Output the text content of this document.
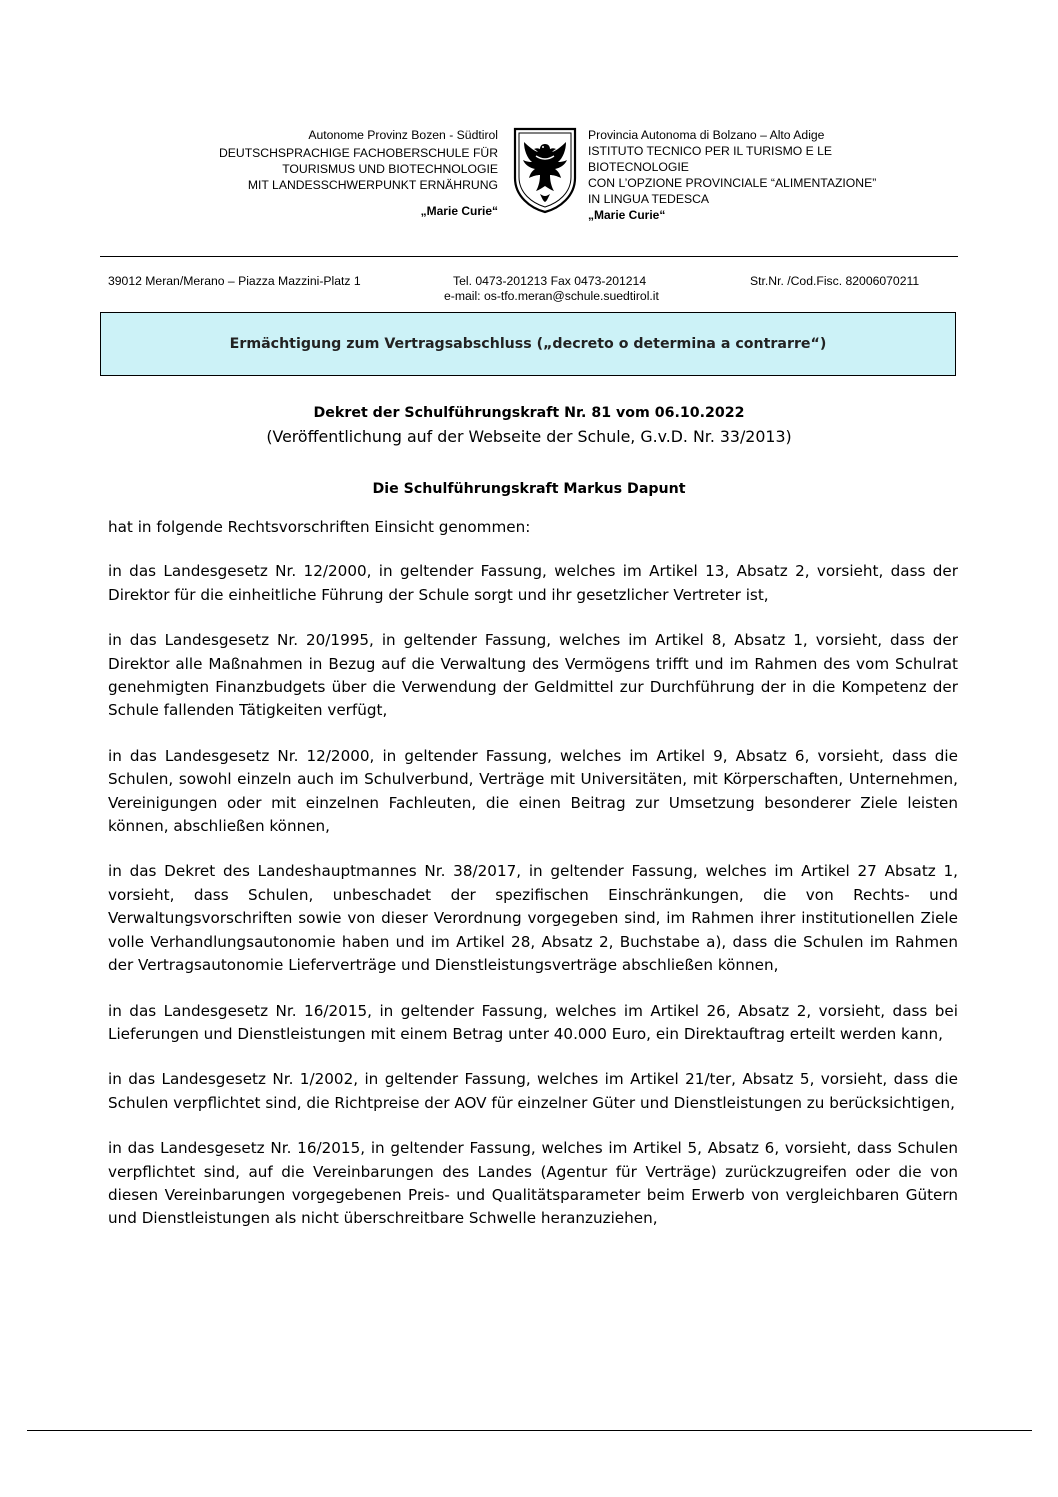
Autonome Provinz Bozen - Südtirol
DEUTSCHSPRACHIGE FACHOBERSCHULE FÜR
TOURISMUS UND BIOTECHNOLOGIE
MIT LANDESSCHWERPUNKT ERNÄHRUNG
„Marie Curie“
Provincia Autonoma di Bolzano – Alto Adige
ISTITUTO TECNICO PER IL TURISMO E LE
BIOTECNOLOGIE
CON L’OPZIONE PROVINCIALE “ALIMENTAZIONE”
IN LINGUA TEDESCA
„Marie Curie“
39012 Meran/Merano – Piazza Mazzini-Platz 1	Tel. 0473-201213 Fax 0473-201214
e-mail: os-tfo.meran@schule.suedtirol.it
Str.Nr. /Cod.Fisc. 82006070211
Ermächtigung zum Vertragsabschluss („decreto o determina a contrarre“)
Dekret der Schulführungskraft Nr. 81 vom 06.10.2022
(Veröffentlichung auf der Webseite der Schule, G.v.D. Nr. 33/2013)
Die Schulführungskraft Markus Dapunt

hat in folgende Rechtsvorschriften Einsicht genommen:

in das Landesgesetz Nr. 12/2000, in geltender Fassung, welches im Artikel 13, Absatz 2, vorsieht, dass der Direktor für die einheitliche Führung der Schule sorgt und ihr gesetzlicher Vertreter ist,

in das Landesgesetz Nr. 20/1995, in geltender Fassung, welches im Artikel 8, Absatz 1, vorsieht, dass der Direktor alle Maßnahmen in Bezug auf die Verwaltung des Vermögens trifft und im Rahmen des vom Schulrat genehmigten Finanzbudgets über die Verwendung der Geldmittel zur Durchführung der in die Kompetenz der Schule fallenden Tätigkeiten verfügt,

in das Landesgesetz Nr. 12/2000, in geltender Fassung, welches im Artikel 9, Absatz 6, vorsieht, dass die Schulen, sowohl einzeln auch im Schulverbund, Verträge mit Universitäten, mit Körperschaften, Unternehmen, Vereinigungen oder mit einzelnen Fachleuten, die einen Beitrag zur Umsetzung besonderer Ziele leisten können, abschließen können,

in das Dekret des Landeshauptmannes Nr. 38/2017, in geltender Fassung, welches im Artikel 27 Absatz 1, vorsieht, dass Schulen, unbeschadet der spezifischen Einschränkungen, die von Rechts- und Verwaltungsvorschriften sowie von dieser Verordnung vorgegeben sind, im Rahmen ihrer institutionellen Ziele volle Verhandlungsautonomie haben und im Artikel 28, Absatz 2, Buchstabe a), dass die Schulen im Rahmen der Vertragsautonomie Lieferverträge und Dienstleistungsverträge abschließen können,

in das Landesgesetz Nr. 16/2015, in geltender Fassung, welches im Artikel 26, Absatz 2, vorsieht, dass bei Lieferungen und Dienstleistungen mit einem Betrag unter 40.000 Euro, ein Direktauftrag erteilt werden kann,

in das Landesgesetz Nr. 1/2002, in geltender Fassung, welches im Artikel 21/ter, Absatz 5, vorsieht, dass die Schulen verpflichtet sind, die Richtpreise der AOV für einzelner Güter und Dienstleistungen zu berücksichtigen,

in das Landesgesetz Nr. 16/2015, in geltender Fassung, welches im Artikel 5, Absatz 6, vorsieht, dass Schulen verpflichtet sind, auf die Vereinbarungen des Landes (Agentur für Verträge) zurückzugreifen oder die von diesen Vereinbarungen vorgegebenen Preis- und Qualitätsparameter beim Erwerb von vergleichbaren Gütern und Dienstleistungen als nicht überschreitbare Schwelle heranzuziehen,
